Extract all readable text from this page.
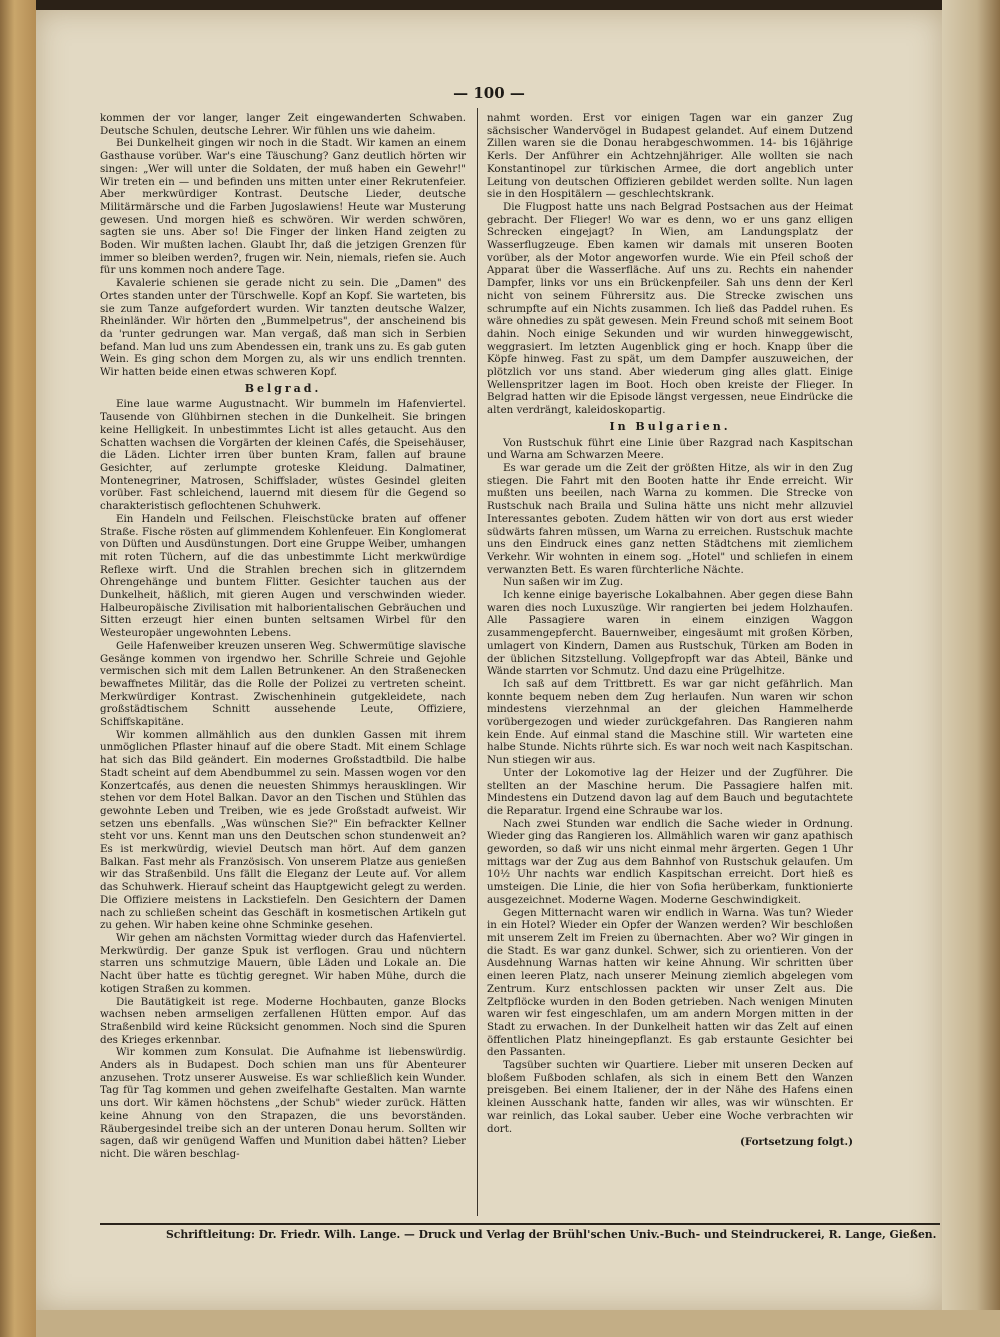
— 100 —

kommen der vor langer, langer Zeit eingewanderten Schwaben. Deutsche Schulen, deutsche Lehrer. Wir fühlen uns wie daheim.

Bei Dunkelheit gingen wir noch in die Stadt. Wir kamen an einem Gasthause vorüber. War's eine Täuschung? Ganz deutlich hörten wir singen: „Wer will unter die Soldaten, der muß haben ein Gewehr!" Wir treten ein — und befinden uns mitten unter einer Rekrutenfeier. Aber merkwürdiger Kontrast. Deutsche Lieder, deutsche Militärmärsche und die Farben Jugoslawiens! Heute war Musterung gewesen. Und morgen hieß es schwören. Wir werden schwören, sagten sie uns. Aber so! Die Finger der linken Hand zeigten zu Boden. Wir mußten lachen. Glaubt Ihr, daß die jetzigen Grenzen für immer so bleiben werden?, frugen wir. Nein, niemals, riefen sie. Auch für uns kommen noch andere Tage.

Kavalerie schienen sie gerade nicht zu sein. Die „Damen" des Ortes standen unter der Türschwelle. Kopf an Kopf. Sie warteten, bis sie zum Tanze aufgefordert wurden. Wir tanzten deutsche Walzer, Rheinländer. Wir hörten den „Bummelpetrus", der anscheinend bis da 'runter gedrungen war. Man vergaß, daß man sich in Serbien befand. Man lud uns zum Abendessen ein, trank uns zu. Es gab guten Wein. Es ging schon dem Morgen zu, als wir uns endlich trennten. Wir hatten beide einen etwas schweren Kopf.

Belgrad.

Eine laue warme Augustnacht. Wir bummeln im Hafenviertel. Tausende von Glühbirnen stechen in die Dunkelheit. Sie bringen keine Helligkeit. In unbestimmtes Licht ist alles getaucht. Aus den Schatten wachsen die Vorgärten der kleinen Cafés, die Speisehäuser, die Läden. Lichter irren über bunten Kram, fallen auf braune Gesichter, auf zerlumpte groteske Kleidung. Dalmatiner, Montenegriner, Matrosen, Schiffslader, wüstes Gesindel gleiten vorüber. Fast schleichend, lauernd mit diesem für die Gegend so charakteristisch geflochtenen Schuhwerk.

Ein Handeln und Feilschen. Fleischstücke braten auf offener Straße. Fische rösten auf glimmendem Kohlenfeuer. Ein Konglomerat von Düften und Ausdünstungen. Dort eine Gruppe Weiber, umhangen mit roten Tüchern, auf die das unbestimmte Licht merkwürdige Reflexe wirft. Und die Strahlen brechen sich in glitzerndem Ohrengehänge und buntem Flitter. Gesichter tauchen aus der Dunkelheit, häßlich, mit gieren Augen und verschwinden wieder. Halbeuropäische Zivilisation mit halborientalischen Gebräuchen und Sitten erzeugt hier einen bunten seltsamen Wirbel für den Westeuropäer ungewohnten Lebens.

Geile Hafenweiber kreuzen unseren Weg. Schwermütige slavische Gesänge kommen von irgendwo her. Schrille Schreie und Gejohle vermischen sich mit dem Lallen Betrunkener. An den Straßenecken bewaffnetes Militär, das die Rolle der Polizei zu vertreten scheint. Merkwürdiger Kontrast. Zwischenhinein gutgekleidete, nach großstädtischem Schnitt aussehende Leute, Offiziere, Schiffskapitäne.

Wir kommen allmählich aus den dunklen Gassen mit ihrem unmöglichen Pflaster hinauf auf die obere Stadt. Mit einem Schlage hat sich das Bild geändert. Ein modernes Großstadtbild. Die halbe Stadt scheint auf dem Abendbummel zu sein. Massen wogen vor den Konzertcafés, aus denen die neuesten Shimmys herausklingen. Wir stehen vor dem Hotel Balkan. Davor an den Tischen und Stühlen das gewohnte Leben und Treiben, wie es jede Großstadt aufweist. Wir setzen uns ebenfalls. „Was wünschen Sie?" Ein befrackter Kellner steht vor uns. Kennt man uns den Deutschen schon stundenweit an? Es ist merkwürdig, wieviel Deutsch man hört. Auf dem ganzen Balkan. Fast mehr als Französisch. Von unserem Platze aus genießen wir das Straßenbild. Uns fällt die Eleganz der Leute auf. Vor allem das Schuhwerk. Hierauf scheint das Hauptgewicht gelegt zu werden. Die Offiziere meistens in Lackstiefeln. Den Gesichtern der Damen nach zu schließen scheint das Geschäft in kosmetischen Artikeln gut zu gehen. Wir haben keine ohne Schminke gesehen.

Wir gehen am nächsten Vormittag wieder durch das Hafenviertel. Merkwürdig. Der ganze Spuk ist verflogen. Grau und nüchtern starren uns schmutzige Mauern, üble Läden und Lokale an. Die Nacht über hatte es tüchtig geregnet. Wir haben Mühe, durch die kotigen Straßen zu kommen.

Die Bautätigkeit ist rege. Moderne Hochbauten, ganze Blocks wachsen neben armseligen zerfallenen Hütten empor. Auf das Straßenbild wird keine Rücksicht genommen. Noch sind die Spuren des Krieges erkennbar.

Wir kommen zum Konsulat. Die Aufnahme ist liebenswürdig. Anders als in Budapest. Doch schien man uns für Abenteurer anzusehen. Trotz unserer Ausweise. Es war schließlich kein Wunder. Tag für Tag kommen und gehen zweifelhafte Gestalten. Man warnte uns dort. Wir kämen höchstens „der Schub" wieder zurück. Hätten keine Ahnung von den Strapazen, die uns bevorständen. Räubergesindel treibe sich an der unteren Donau herum. Sollten wir sagen, daß wir genügend Waffen und Munition dabei hätten? Lieber nicht. Die wären beschlag-

nahmt worden. Erst vor einigen Tagen war ein ganzer Zug sächsischer Wandervögel in Budapest gelandet. Auf einem Dutzend Zillen waren sie die Donau herabgeschwommen. 14- bis 16jährige Kerls. Der Anführer ein Achtzehnjähriger. Alle wollten sie nach Konstantinopel zur türkischen Armee, die dort angeblich unter Leitung von deutschen Offizieren gebildet werden sollte. Nun lagen sie in den Hospitälern — geschlechtskrank.

Die Flugpost hatte uns nach Belgrad Postsachen aus der Heimat gebracht. Der Flieger! Wo war es denn, wo er uns ganz elligen Schrecken eingejagt? In Wien, am Landungsplatz der Wasserflugzeuge. Eben kamen wir damals mit unseren Booten vorüber, als der Motor angeworfen wurde. Wie ein Pfeil schoß der Apparat über die Wasserfläche. Auf uns zu. Rechts ein nahender Dampfer, links vor uns ein Brückenpfeiler. Sah uns denn der Kerl nicht von seinem Führersitz aus. Die Strecke zwischen uns schrumpfte auf ein Nichts zusammen. Ich ließ das Paddel ruhen. Es wäre ohnedies zu spät gewesen. Mein Freund schoß mit seinem Boot dahin. Noch einige Sekunden und wir wurden hinweggewischt, weggrasiert. Im letzten Augenblick ging er hoch. Knapp über die Köpfe hinweg. Fast zu spät, um dem Dampfer auszuweichen, der plötzlich vor uns stand. Aber wiederum ging alles glatt. Einige Wellenspritzer lagen im Boot. Hoch oben kreiste der Flieger. In Belgrad hatten wir die Episode längst vergessen, neue Eindrücke die alten verdrängt, kaleidoskopartig.

In Bulgarien.

Von Rustschuk führt eine Linie über Razgrad nach Kaspitschan und Warna am Schwarzen Meere.

Es war gerade um die Zeit der größten Hitze, als wir in den Zug stiegen. Die Fahrt mit den Booten hatte ihr Ende erreicht. Wir mußten uns beeilen, nach Warna zu kommen. Die Strecke von Rustschuk nach Braila und Sulina hätte uns nicht mehr allzuviel Interessantes geboten. Zudem hätten wir von dort aus erst wieder südwärts fahren müssen, um Warna zu erreichen. Rustschuk machte uns den Eindruck eines ganz netten Städtchens mit ziemlichem Verkehr. Wir wohnten in einem sog. „Hotel" und schliefen in einem verwanzten Bett. Es waren fürchterliche Nächte.

Nun saßen wir im Zug.

Ich kenne einige bayerische Lokalbahnen. Aber gegen diese Bahn waren dies noch Luxuszüge. Wir rangierten bei jedem Holzhaufen. Alle Passagiere waren in einem einzigen Waggon zusammengepfercht. Bauernweiber, eingesäumt mit großen Körben, umlagert von Kindern, Damen aus Rustschuk, Türken am Boden in der üblichen Sitzstellung. Vollgepfropft war das Abteil, Bänke und Wände starrten vor Schmutz. Und dazu eine Prügelhitze.

Ich saß auf dem Trittbrett. Es war gar nicht gefährlich. Man konnte bequem neben dem Zug herlaufen. Nun waren wir schon mindestens vierzehnmal an der gleichen Hammelherde vorübergezogen und wieder zurückgefahren. Das Rangieren nahm kein Ende. Auf einmal stand die Maschine still. Wir warteten eine halbe Stunde. Nichts rührte sich. Es war noch weit nach Kaspitschan. Nun stiegen wir aus.

Unter der Lokomotive lag der Heizer und der Zugführer. Die stellten an der Maschine herum. Die Passagiere halfen mit. Mindestens ein Dutzend davon lag auf dem Bauch und begutachtete die Reparatur. Irgend eine Schraube war los.

Nach zwei Stunden war endlich die Sache wieder in Ordnung. Wieder ging das Rangieren los. Allmählich waren wir ganz apathisch geworden, so daß wir uns nicht einmal mehr ärgerten. Gegen 1 Uhr mittags war der Zug aus dem Bahnhof von Rustschuk gelaufen. Um 10½ Uhr nachts war endlich Kaspitschan erreicht. Dort hieß es umsteigen. Die Linie, die hier von Sofia herüberkam, funktionierte ausgezeichnet. Moderne Wagen. Moderne Geschwindigkeit.

Gegen Mitternacht waren wir endlich in Warna. Was tun? Wieder in ein Hotel? Wieder ein Opfer der Wanzen werden? Wir beschloßen mit unserem Zelt im Freien zu übernachten. Aber wo? Wir gingen in die Stadt. Es war ganz dunkel. Schwer, sich zu orientieren. Von der Ausdehnung Warnas hatten wir keine Ahnung. Wir schritten über einen leeren Platz, nach unserer Meinung ziemlich abgelegen vom Zentrum. Kurz entschlossen packten wir unser Zelt aus. Die Zeltpflöcke wurden in den Boden getrieben. Nach wenigen Minuten waren wir fest eingeschlafen, um am andern Morgen mitten in der Stadt zu erwachen. In der Dunkelheit hatten wir das Zelt auf einen öffentlichen Platz hineingepflanzt. Es gab erstaunte Gesichter bei den Passanten.

Tagsüber suchten wir Quartiere. Lieber mit unseren Decken auf bloßem Fußboden schlafen, als sich in einem Bett den Wanzen preisgeben. Bei einem Italiener, der in der Nähe des Hafens einen kleinen Ausschank hatte, fanden wir alles, was wir wünschten. Er war reinlich, das Lokal sauber. Ueber eine Woche verbrachten wir dort.

(Fortsetzung folgt.)
Schriftleitung: Dr. Friedr. Wilh. Lange. — Druck und Verlag der Brühl'schen Univ.-Buch- und Steindruckerei, R. Lange, Gießen.
